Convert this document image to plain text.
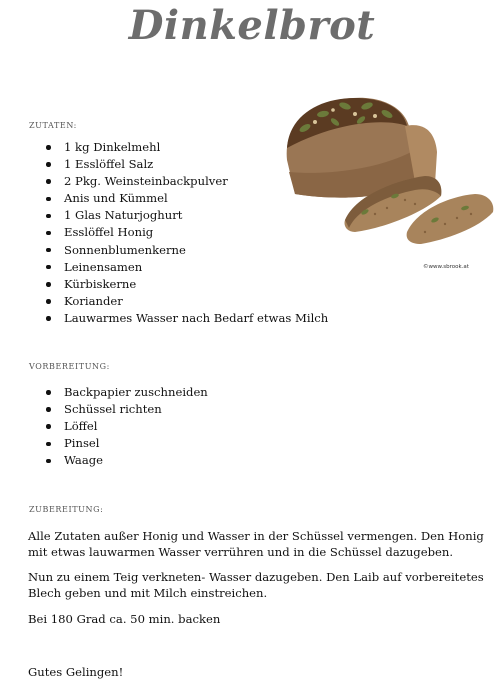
Dinkelbrot
ZUTATEN:
1 kg Dinkelmehl
1 Esslöffel Salz
2 Pkg. Weinsteinbackpulver
Anis und Kümmel
1 Glas Naturjoghurt
Esslöffel Honig
Sonnenblumenkerne
Leinensamen
Kürbiskerne
Koriander
Lauwarmes Wasser nach Bedarf etwas Milch
©www.sbrook.at
VORBEREITUNG:
Backpapier zuschneiden
Schüssel richten
Löffel
Pinsel
Waage
ZUBEREITUNG:

Alle Zutaten außer Honig und Wasser in der Schüssel vermengen. Den Honig mit etwas lauwarmen Wasser verrühren und in die Schüssel dazugeben.

Nun zu einem Teig verkneten- Wasser dazugeben. Den Laib auf vorbereitetes Blech geben und mit Milch einstreichen.

Bei 180 Grad ca. 50 min. backen

Gutes Gelingen!
